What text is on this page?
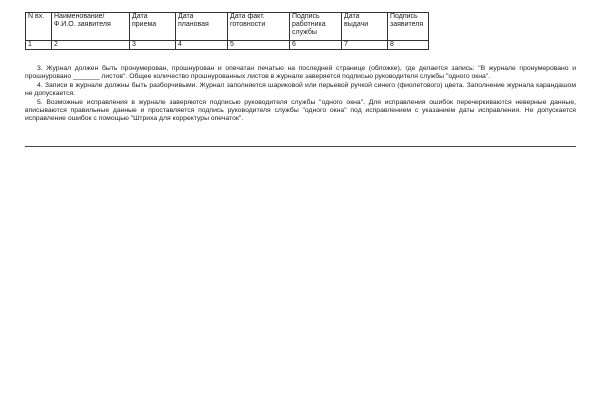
N вх.	Наименование/ Ф.И.О. заявителя	Дата приема	Дата плановая	Дата факт. готовности	Подпись работника службы	Дата выдачи	Подпись заявителя
1	2	3	4	5	6	7	8

3. Журнал должен быть пронумерован, прошнурован и опечатан печатью на последней странице (обложке), где делается запись: "В журнале пронумеровано и прошнуровано _______ листов". Общее количество прошнурованных листов в журнале заверяется подписью руководителя службы "одного окна".

4. Записи в журнале должны быть разборчивыми. Журнал заполняется шариковой или перьевой ручкой синего (фиолетового) цвета. Заполнение журнала карандашом не допускается.

5. Возможные исправления в журнале заверяются подписью руководителя службы "одного окна". Для исправления ошибок перечеркиваются неверные данные, вписываются правильные данные и проставляется подпись руководителя службы "одного окна" под исправлением с указанием даты исправления. Не допускается исправление ошибок с помощью "Штриха для корректуры опечаток".
